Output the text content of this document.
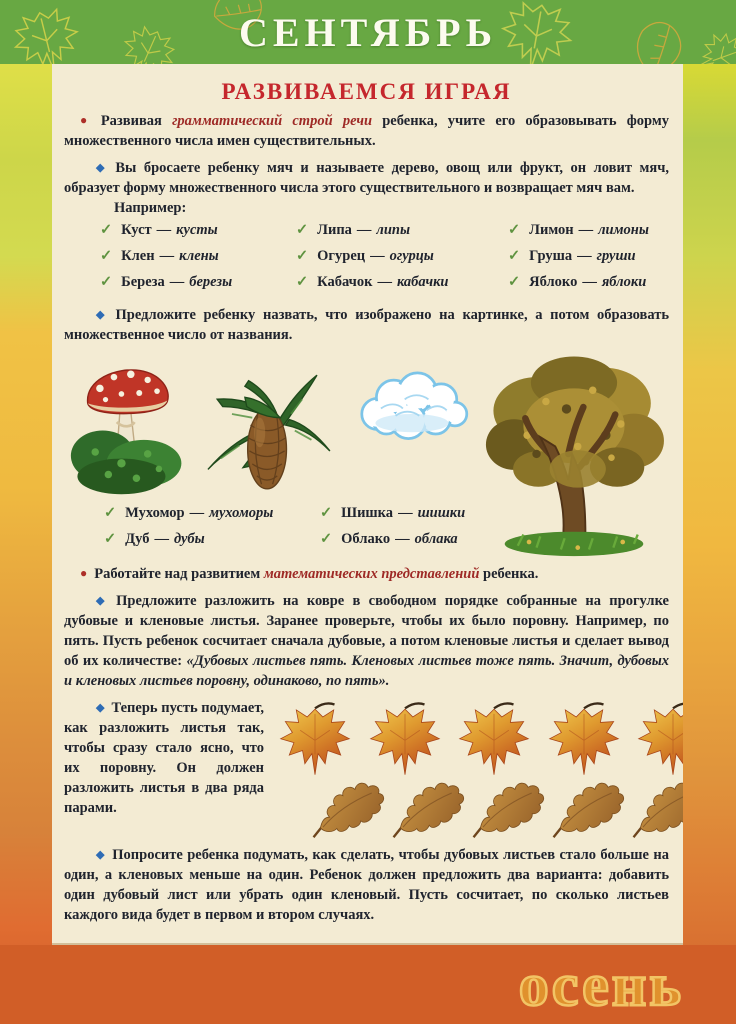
СЕНТЯБРЬ
РАЗВИВАЕМСЯ ИГРАЯ

● Развивая грамматический строй речи ребенка, учите его образовывать форму множественного числа имен существительных.

◆ Вы бросаете ребенку мяч и называете дерево, овощ или фрукт, он ловит мяч, образует форму множественного числа этого существительного и возвращает мяч вам.

Например:

✓ Куст — кусты
✓ Клен — клены
✓ Береза — березы
✓ Липа — липы
✓ Огурец — огурцы
✓ Кабачок — кабачки
✓ Лимон — лимоны
✓ Груша — груши
✓ Яблоко — яблоки

◆ Предложите ребенку назвать, что изображено на картинке, а потом образовать множественное число от названия.

✓ Мухомор — мухоморы
✓ Дуб — дубы
✓ Шишка — шишки
✓ Облако — облака

● Работайте над развитием математических представлений ребенка.

◆ Предложите разложить на ковре в свободном порядке собранные на прогулке дубовые и кленовые листья. Заранее проверьте, чтобы их было поровну. Например, по пять. Пусть ребенок сосчитает сначала дубовые, а потом кленовые листья и сделает вывод об их количестве: «Дубовых листьев пять. Кленовых листьев тоже пять. Значит, дубовых и кленовых листьев поровну, одинаково, по пять».

◆ Теперь пусть подумает, как разложить листья так, чтобы сразу стало ясно, что их поровну. Он должен разложить листья в два ряда парами.

◆ Попросите ребенка подумать, как сделать, чтобы дубовых листьев стало больше на один, а кленовых меньше на один. Ребенок должен предложить два варианта: добавить один дубовый лист или убрать один кленовый. Пусть сосчитает, по сколько листьев каждого вида будет в первом и втором случаях.

осень
